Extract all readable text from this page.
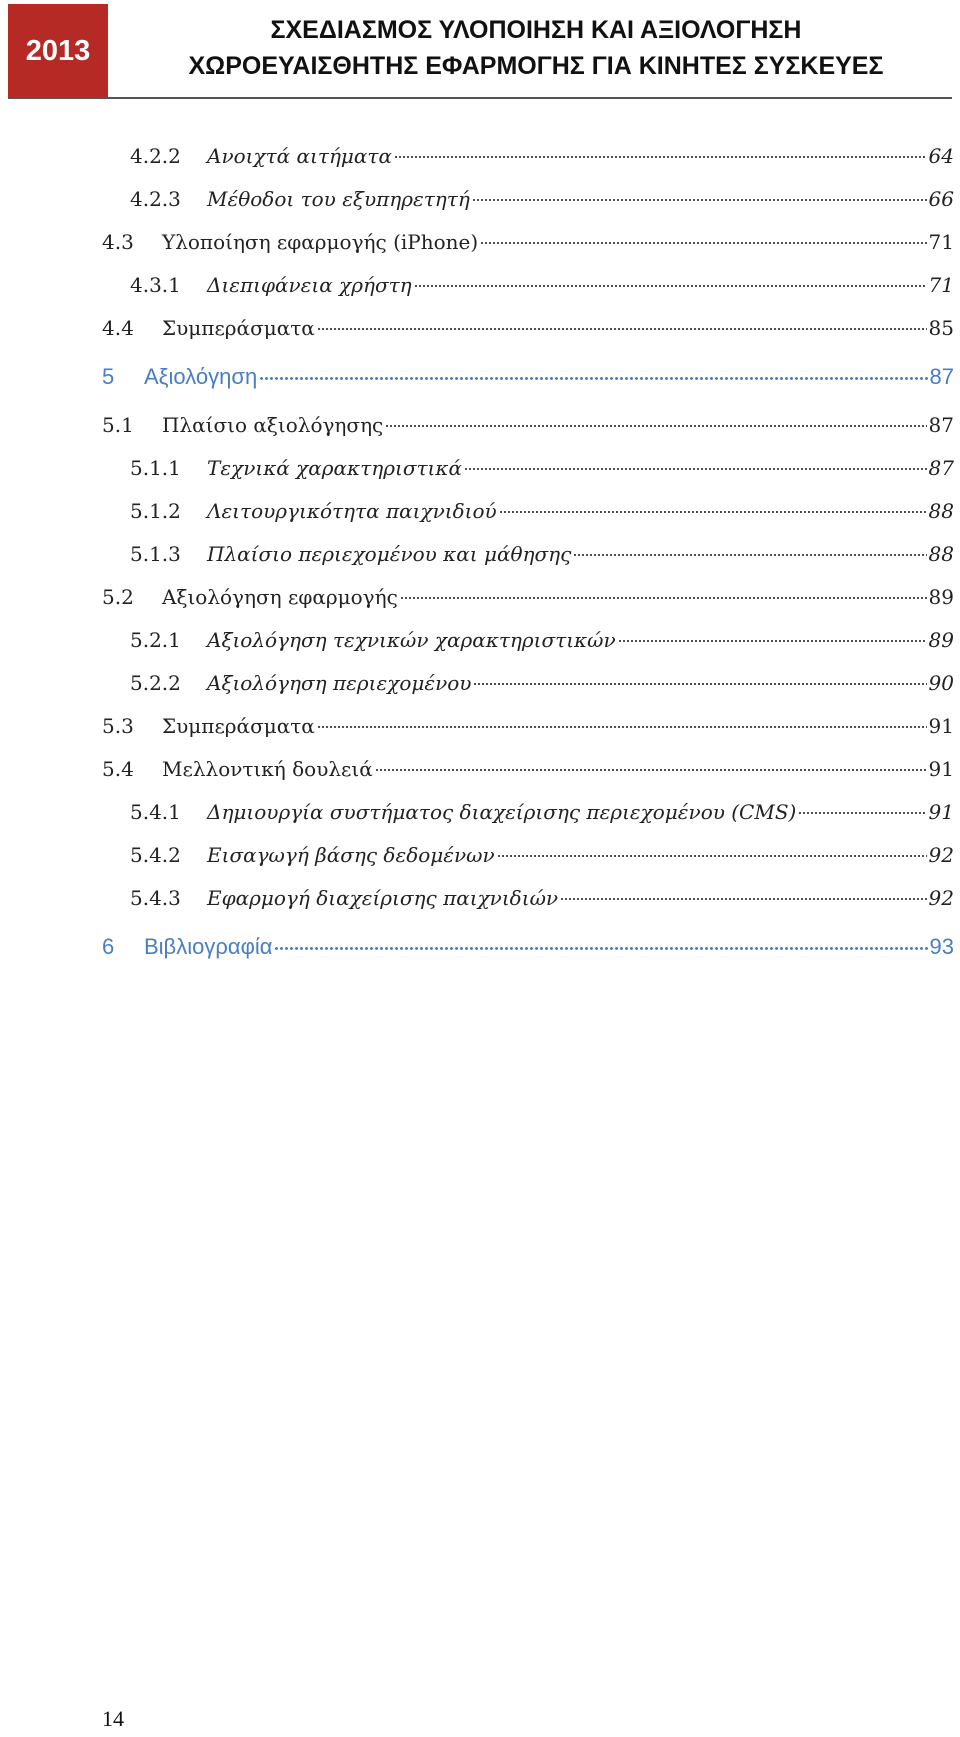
2013
ΣΧΕΔΙΑΣΜΟΣ ΥΛΟΠΟΙΗΣΗ ΚΑΙ ΑΞΙΟΛΟΓΗΣΗ
ΧΩΡΟΕΥΑΙΣΘΗΤΗΣ ΕΦΑΡΜΟΓΗΣ ΓΙΑ ΚΙΝΗΤΕΣ ΣΥΣΚΕΥΕΣ
4.2.2	Ανοιχτά αιτήματα	64
4.2.3	Μέθοδοι του εξυπηρετητή	66
4.3	Υλοποίηση εφαρμογής (iPhone)	71
4.3.1	Διεπιφάνεια χρήστη	71
4.4	Συμπεράσματα	85
5	Αξιολόγηση	87
5.1	Πλαίσιο αξιολόγησης	87
5.1.1	Τεχνικά χαρακτηριστικά	87
5.1.2	Λειτουργικότητα παιχνιδιού	88
5.1.3	Πλαίσιο περιεχομένου και μάθησης	88
5.2	Αξιολόγηση εφαρμογής	89
5.2.1	Αξιολόγηση τεχνικών χαρακτηριστικών	89
5.2.2	Αξιολόγηση περιεχομένου	90
5.3	Συμπεράσματα	91
5.4	Μελλοντική δουλειά	91
5.4.1	Δημιουργία συστήματος διαχείρισης περιεχομένου (CMS)	91
5.4.2	Εισαγωγή βάσης δεδομένων	92
5.4.3	Εφαρμογή διαχείρισης παιχνιδιών	92
6	Βιβλιογραφία	93
14
